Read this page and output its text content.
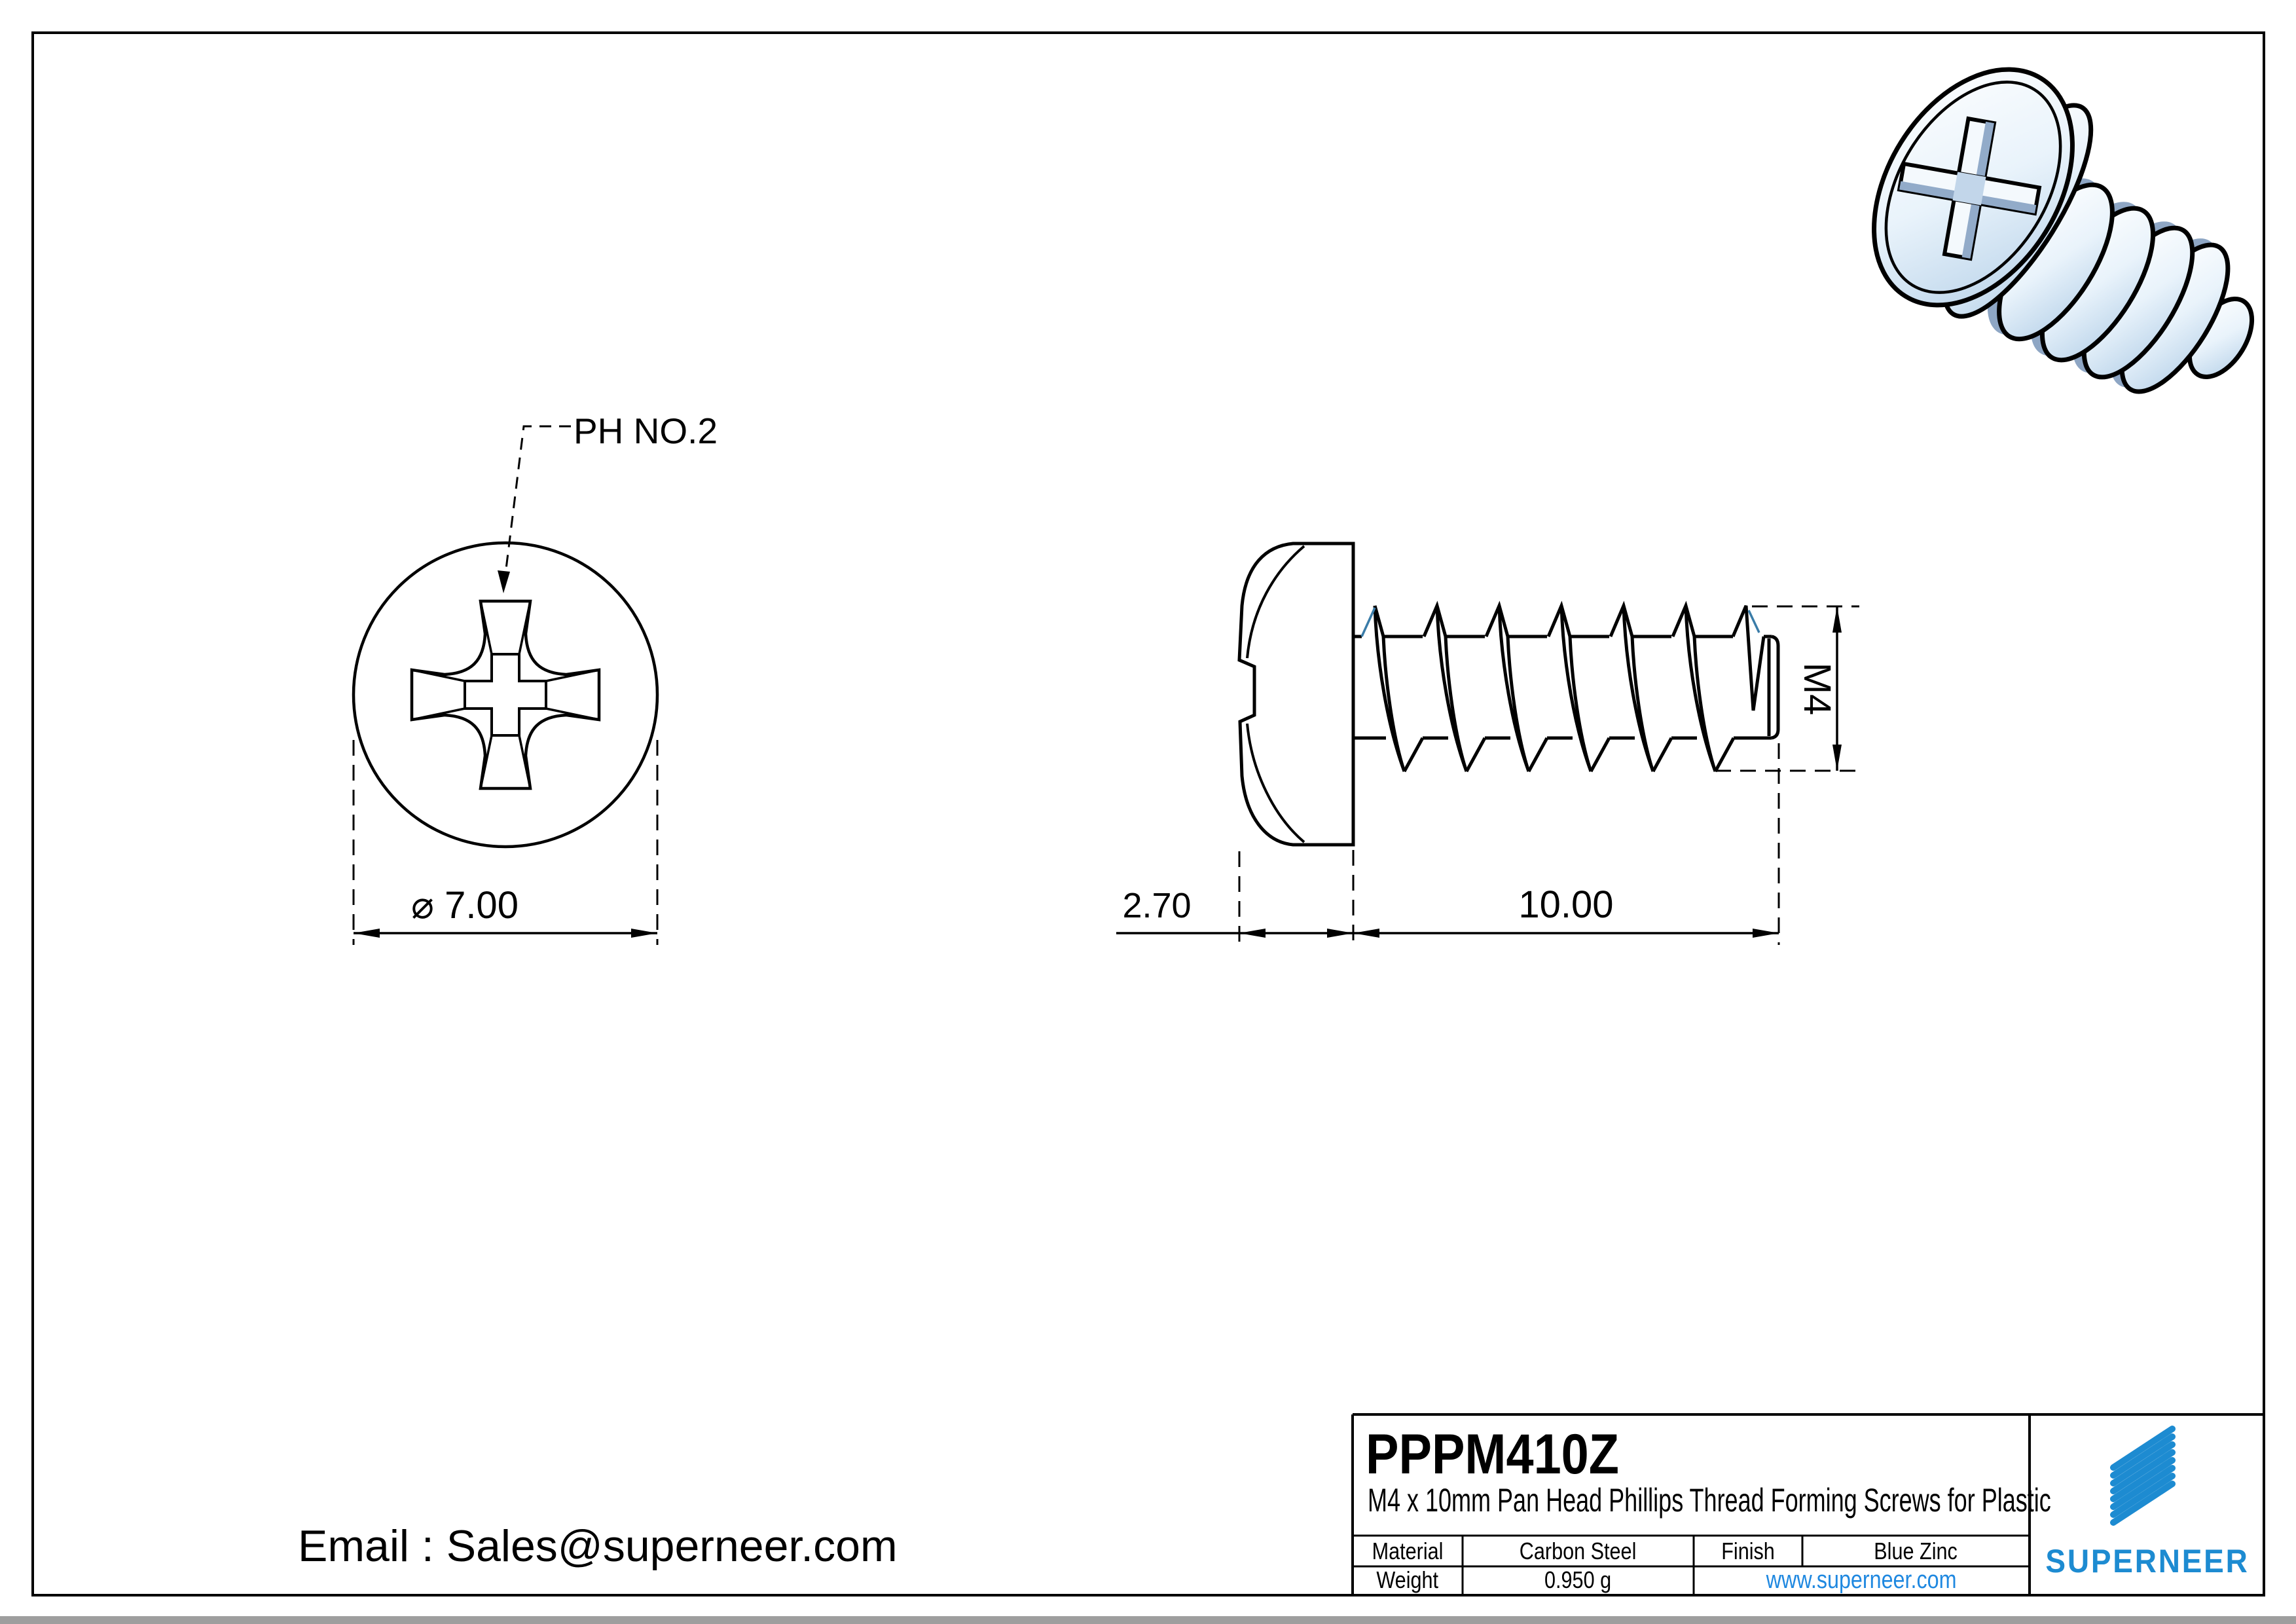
PH NO.2
⌀ 7.00	2.70	10.00
M4
Email : Sales@superneer.com
PPPM410Z
M4 x 10mm Pan Head Phillips Thread Forming Screws for Plastic
Material	Carbon Steel	Finish	Blue Zinc
Weight	0.950 g	www.superneer.com
SUPERNEER
